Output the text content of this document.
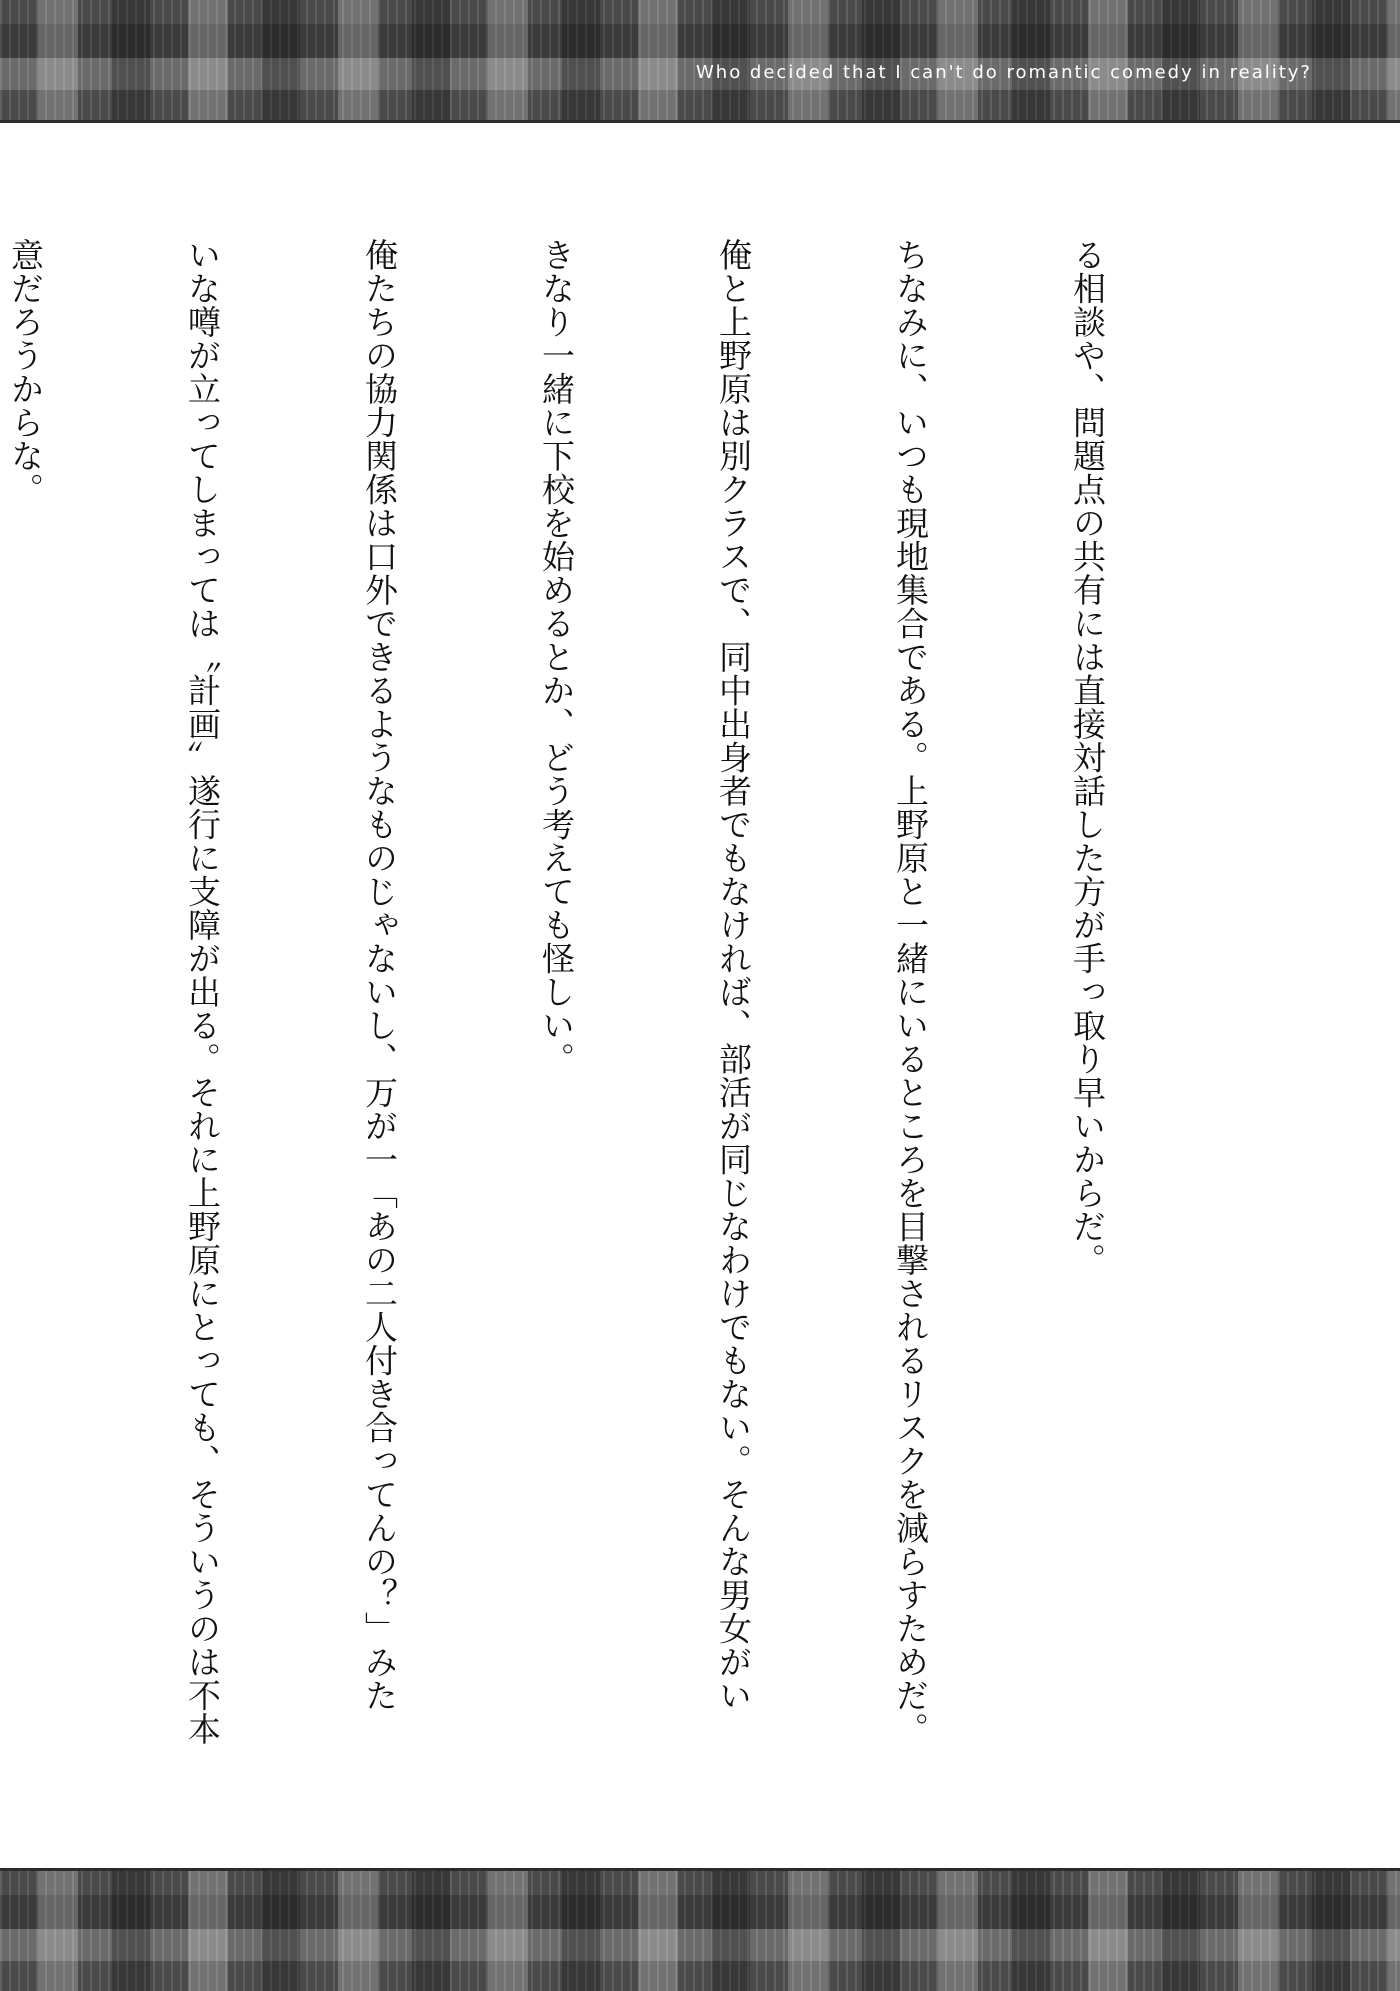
Who decided that I can't do romantic comedy in reality?

る相談や、問題点の共有には直接対話した方が手っ取り早いからだ。

ちなみに、いつも現地集合である。上野原と一緒にいるところを目撃されるリスクを減らすためだ。

俺と上野原は別クラスで、同中出身者でもなければ、部活が同じなわけでもない。そんな男女がい

きなり一緒に下校を始めるとか、どう考えても怪しい。

俺たちの協力関係は口外できるようなものじゃないし、万が一「あの二人付き合ってんの？」みた

いな噂が立ってしまっては〝計画〟遂行に支障が出る。それに上野原にとっても、そういうのは不本

意だろうからな。
